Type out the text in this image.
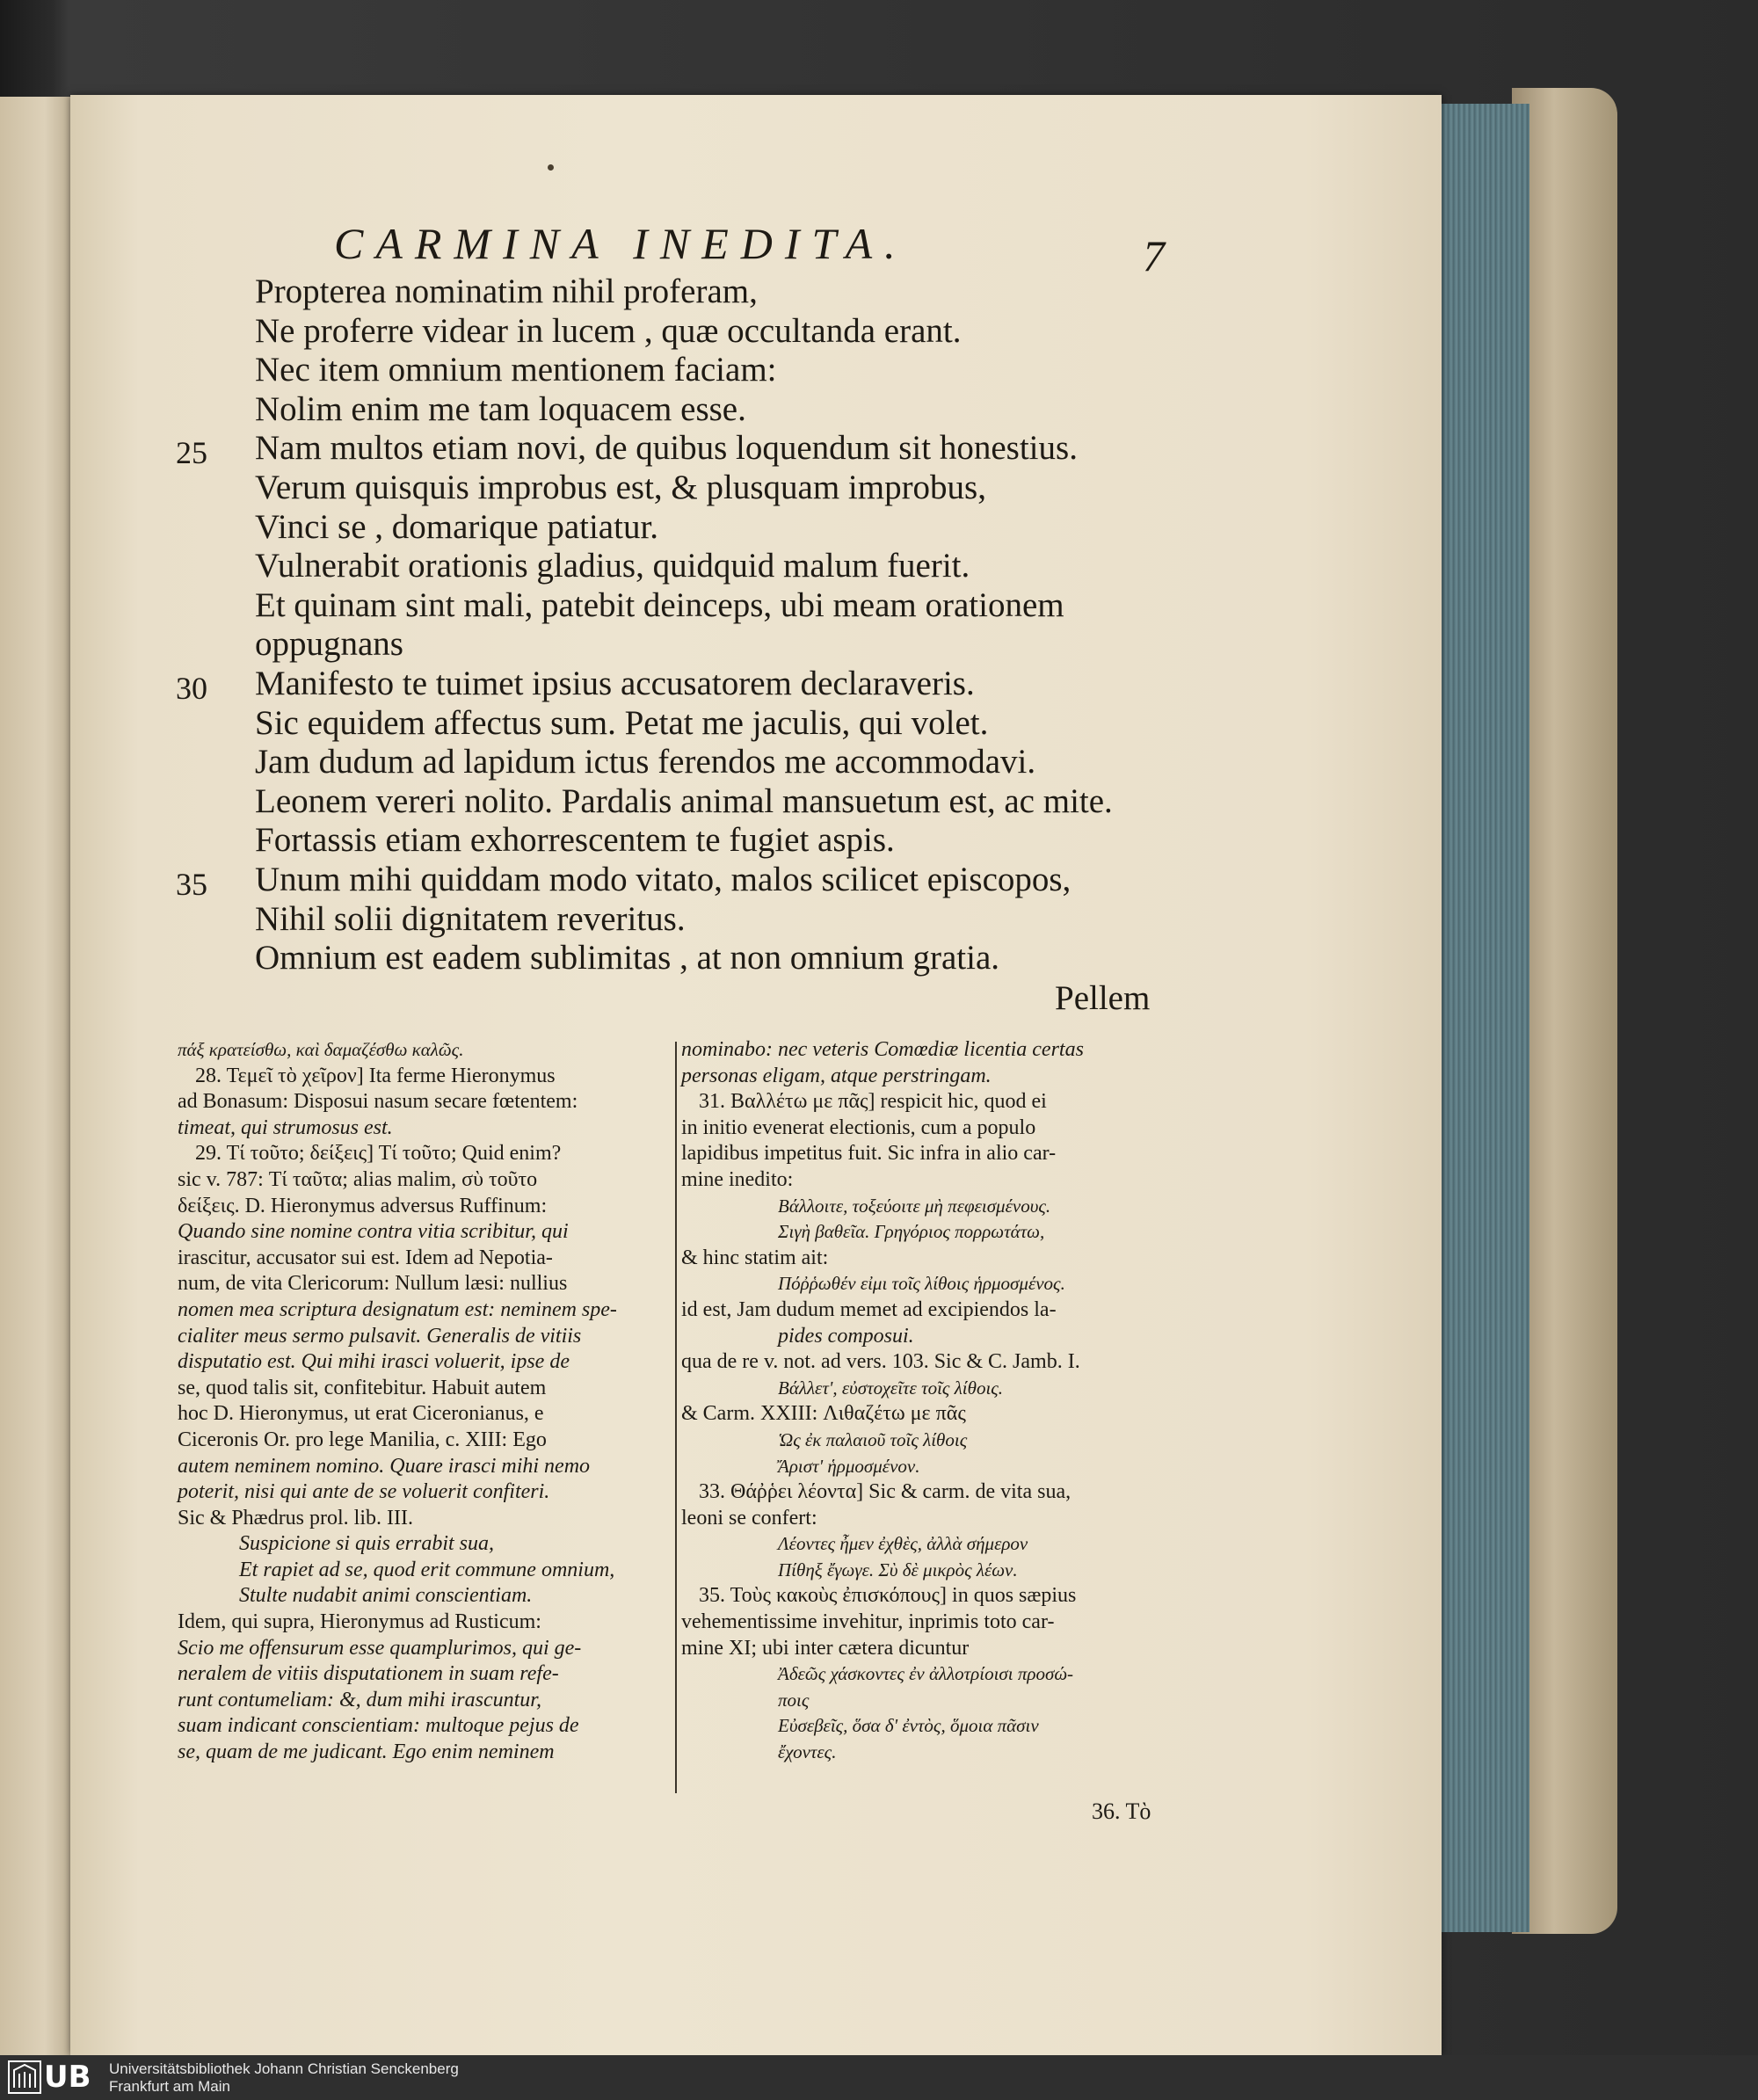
CARMINA INEDITA.	7
Propterea nominatim nihil proferam,
Ne proferre videar in lucem , quæ occultanda erant.
Nec item omnium mentionem faciam:
Nolim enim me tam loquacem esse.
Nam multos etiam novi, de quibus loquendum sit honestius.
25
Verum quisquis improbus est, & plusquam improbus,
Vinci se , domarique patiatur.
Vulnerabit orationis gladius, quidquid malum fuerit.
Et quinam sint mali, patebit deinceps, ubi meam orationem
oppugnans
Manifesto te tuimet ipsius accusatorem declaraveris.
30
Sic equidem affectus sum. Petat me jaculis, qui volet.
Jam dudum ad lapidum ictus ferendos me accommodavi.
Leonem vereri nolito. Pardalis animal mansuetum est, ac mite.
Fortassis etiam exhorrescentem te fugiet aspis.
Unum mihi quiddam modo vitato, malos scilicet episcopos,
35
Nihil solii dignitatem reveritus.
Omnium est eadem sublimitas , at non omnium gratia.
Pellem
πάξ κρατείσθω, καὶ δαμαζέσθω καλῶς.
28. Τεμεῖ τὸ χεῖρον] Ita ferme Hieronymus
ad Bonasum: Disposui nasum secare fœtentem:
timeat, qui strumosus est.
29. Τί τοῦτο; δείξεις] Τί τοῦτο; Quid enim?
sic v. 787: Τί ταῦτα; alias malim, σὺ τοῦτο
δείξεις. D. Hieronymus adversus Ruffinum:
Quando sine nomine contra vitia scribitur, qui
irascitur, accusator sui est. Idem ad Nepotia-
num, de vita Clericorum: Nullum læsi: nullius
nomen mea scriptura designatum est: neminem spe-
cialiter meus sermo pulsavit. Generalis de vitiis
disputatio est. Qui mihi irasci voluerit, ipse de
se, quod talis sit, confitebitur. Habuit autem
hoc D. Hieronymus, ut erat Ciceronianus, e
Ciceronis Or. pro lege Manilia, c. XIII: Ego
autem neminem nomino. Quare irasci mihi nemo
poterit, nisi qui ante de se voluerit confiteri.
Sic & Phædrus prol. lib. III.
Suspicione si quis errabit sua,
Et rapiet ad se, quod erit commune omnium,
Stulte nudabit animi conscientiam.
Idem, qui supra, Hieronymus ad Rusticum:
Scio me offensurum esse quamplurimos, qui ge-
neralem de vitiis disputationem in suam refe-
runt contumeliam: &, dum mihi irascuntur,
suam indicant conscientiam: multoque pejus de
se, quam de me judicant. Ego enim neminem
nominabo: nec veteris Comœdiæ licentia certas
personas eligam, atque perstringam.
31. Βαλλέτω με πᾶς] respicit hic, quod ei
in initio evenerat electionis, cum a populo
lapidibus impetitus fuit. Sic infra in alio car-
mine inedito:
Βάλλοιτε, τοξεύοιτε μὴ πεφεισμένους.
Σιγὴ βαθεῖα. Γρηγόριος πορρωτάτω,
& hinc statim ait:
Πόῤῥωθέν εἰμι τοῖς λίθοις ἡρμοσμένος.
id est, Jam dudum memet ad excipiendos la-
pides composui.
qua de re v. not. ad vers. 103. Sic & C. Jamb. I.
Βάλλετ', εὐστοχεῖτε τοῖς λίθοις.
& Carm. XXIII: Λιθαζέτω με πᾶς
Ὡς ἐκ παλαιοῦ τοῖς λίθοις
Ἄριστ' ἡρμοσμένον.
33. Θάῤῥει λέοντα] Sic & carm. de vita sua,
leoni se confert:
Λέοντες ἦμεν ἐχθὲς, ἀλλὰ σήμερον
Πίθηξ ἔγωγε. Σὺ δὲ μικρὸς λέων.
35. Τοὺς κακοὺς ἐπισκόπους] in quos sæpius
vehementissime invehitur, inprimis toto car-
mine XI; ubi inter cætera dicuntur
Ἀδεῶς χάσκοντες ἐν ἀλλοτρίοισι προσώ-
ποις
Εὐσεβεῖς, ὅσα δ' ἐντὸς, ὅμοια πᾶσιν
ἔχοντες.
36. Τὸ
UB Universitätsbibliothek Johann Christian Senckenberg
Frankfurt am Main
